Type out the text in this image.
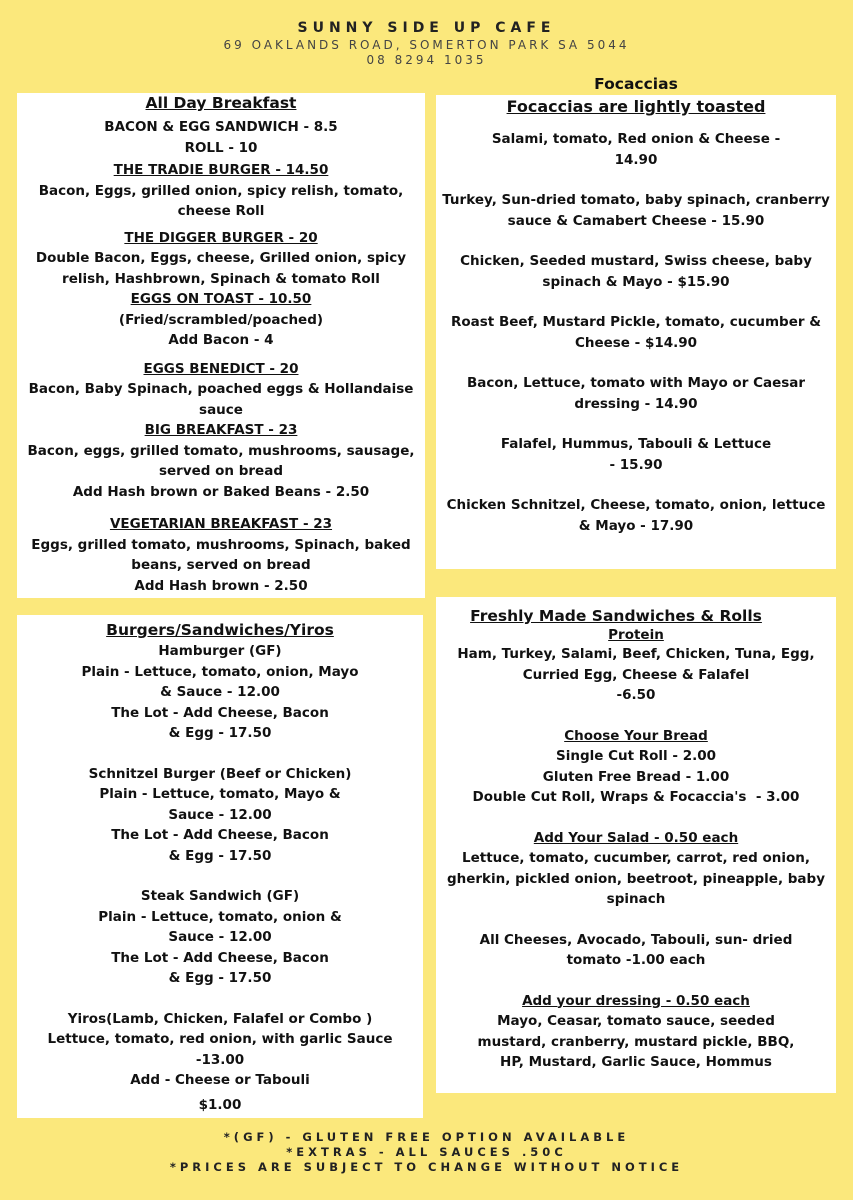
SUNNY SIDE UP CAFE

69 OAKLANDS ROAD, SOMERTON PARK SA 5044

08 8294 1035

Focaccias
All Day Breakfast
BACON & EGG SANDWICH - 8.5
ROLL - 10
THE TRADIE BURGER - 14.50
Bacon, Eggs, grilled onion, spicy relish, tomato, cheese Roll
THE DIGGER BURGER - 20
Double Bacon, Eggs, cheese, Grilled onion, spicy relish, Hashbrown, Spinach & tomato Roll
EGGS ON TOAST - 10.50
(Fried/scrambled/poached)
Add Bacon - 4
EGGS BENEDICT - 20
Bacon, Baby Spinach, poached eggs & Hollandaise sauce
BIG BREAKFAST - 23
Bacon, eggs, grilled tomato, mushrooms, sausage, served on bread
Add Hash brown or Baked Beans - 2.50
VEGETARIAN BREAKFAST - 23
Eggs, grilled tomato, mushrooms, Spinach, baked beans, served on bread
Add Hash brown - 2.50
Focaccias are lightly toasted
Salami, tomato, Red onion & Cheese - 14.90
Turkey, Sun-dried tomato, baby spinach, cranberry sauce & Camabert Cheese - 15.90
Chicken, Seeded mustard, Swiss cheese, baby spinach & Mayo - $15.90
Roast Beef, Mustard Pickle, tomato, cucumber & Cheese - $14.90
Bacon, Lettuce, tomato with Mayo or Caesar dressing - 14.90
Falafel, Hummus, Tabouli & Lettuce - 15.90
Chicken Schnitzel, Cheese, tomato, onion, lettuce & Mayo - 17.90
Burgers/Sandwiches/Yiros
Hamburger (GF)
Plain - Lettuce, tomato, onion, Mayo & Sauce - 12.00
The Lot - Add Cheese, Bacon & Egg - 17.50
Schnitzel Burger (Beef or Chicken)
Plain - Lettuce, tomato, Mayo & Sauce - 12.00
The Lot - Add Cheese, Bacon & Egg - 17.50
Steak Sandwich (GF)
Plain - Lettuce, tomato, onion & Sauce - 12.00
The Lot - Add Cheese, Bacon & Egg - 17.50
Yiros(Lamb, Chicken, Falafel or Combo )
Lettuce, tomato, red onion, with garlic Sauce -13.00
Add - Cheese or Tabouli
$1.00
Freshly Made Sandwiches & Rolls
Protein
Ham, Turkey, Salami, Beef, Chicken, Tuna, Egg, Curried Egg, Cheese & Falafel
-6.50
Choose Your Bread
Single Cut Roll - 2.00
Gluten Free Bread - 1.00
Double Cut Roll, Wraps & Focaccia's  - 3.00
Add Your Salad - 0.50 each
Lettuce, tomato, cucumber, carrot, red onion, gherkin, pickled onion, beetroot, pineapple, baby spinach
All Cheeses, Avocado, Tabouli, sun- dried tomato -1.00 each
Add your dressing - 0.50 each
Mayo, Ceasar, tomato sauce, seeded mustard, cranberry, mustard pickle, BBQ, HP, Mustard, Garlic Sauce, Hommus
*(GF) - GLUTEN FREE OPTION AVAILABLE
*EXTRAS - ALL SAUCES .50C
*PRICES ARE SUBJECT TO CHANGE WITHOUT NOTICE
